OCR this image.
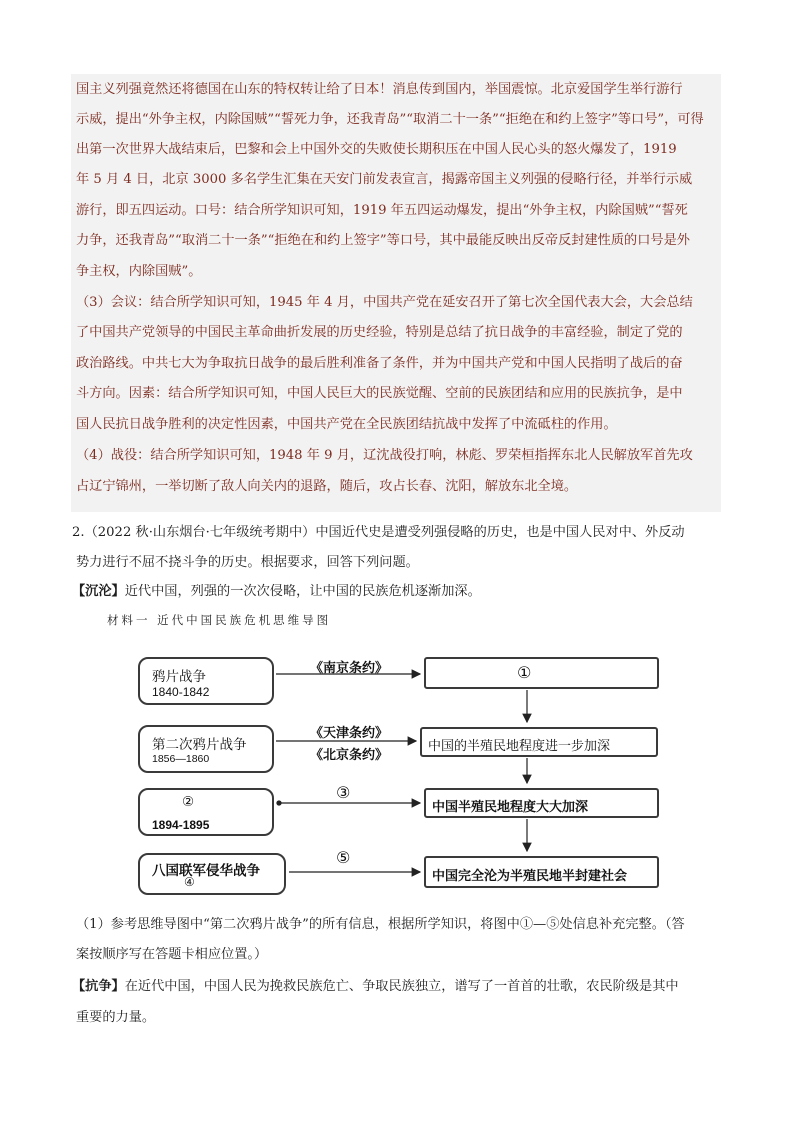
国主义列强竟然还将德国在山东的特权转让给了日本！消息传到国内，举国震惊。北京爱国学生举行游行
示威，提出“外争主权，内除国贼”“誓死力争，还我青岛”“取消二十一条”“拒绝在和约上签字”等口号”，可得
出第一次世界大战结束后，巴黎和会上中国外交的失败使长期积压在中国人民心头的怒火爆发了，1919
年 5 月 4 日，北京 3000 多名学生汇集在天安门前发表宣言，揭露帝国主义列强的侵略行径，并举行示威
游行，即五四运动。口号：结合所学知识可知，1919 年五四运动爆发，提出“外争主权，内除国贼”“誓死
力争，还我青岛”“取消二十一条”“拒绝在和约上签字”等口号，其中最能反映出反帝反封建性质的口号是外
争主权，内除国贼”。
（3）会议：结合所学知识可知，1945 年 4 月，中国共产党在延安召开了第七次全国代表大会，大会总结
了中国共产党领导的中国民主革命曲折发展的历史经验，特别是总结了抗日战争的丰富经验，制定了党的
政治路线。中共七大为争取抗日战争的最后胜利准备了条件，并为中国共产党和中国人民指明了战后的奋
斗方向。因素：结合所学知识可知，中国人民巨大的民族觉醒、空前的民族团结和应用的民族抗争，是中
国人民抗日战争胜利的决定性因素，中国共产党在全民族团结抗战中发挥了中流砥柱的作用。
（4）战役：结合所学知识可知，1948 年 9 月，辽沈战役打响，林彪、罗荣桓指挥东北人民解放军首先攻
占辽宁锦州，一举切断了敌人向关内的退路，随后，攻占长春、沈阳，解放东北全境。
2.（2022 秋·山东烟台·七年级统考期中）中国近代史是遭受列强侵略的历史，也是中国人民对中、外反动
势力进行不屈不挠斗争的历史。根据要求，回答下列问题。
【沉沦】近代中国，列强的一次次侵略，让中国的民族危机逐渐加深。
材料一 近代中国民族危机思维导图
鸦片战争
1840-1842
第二次鸦片战争
1856—1860
②
1894-1895
八国联军侵华战争
④
①
中国的半殖民地程度进一步加深
中国半殖民地程度大大加深
中国完全沦为半殖民地半封建社会
《南京条约》
《天津条约》
《北京条约》
③
⑤
（1）参考思维导图中“第二次鸦片战争”的所有信息，根据所学知识，将图中①—⑤处信息补充完整。（答
案按顺序写在答题卡相应位置。）
【抗争】在近代中国，中国人民为挽救民族危亡、争取民族独立，谱写了一首首的壮歌，农民阶级是其中
重要的力量。
